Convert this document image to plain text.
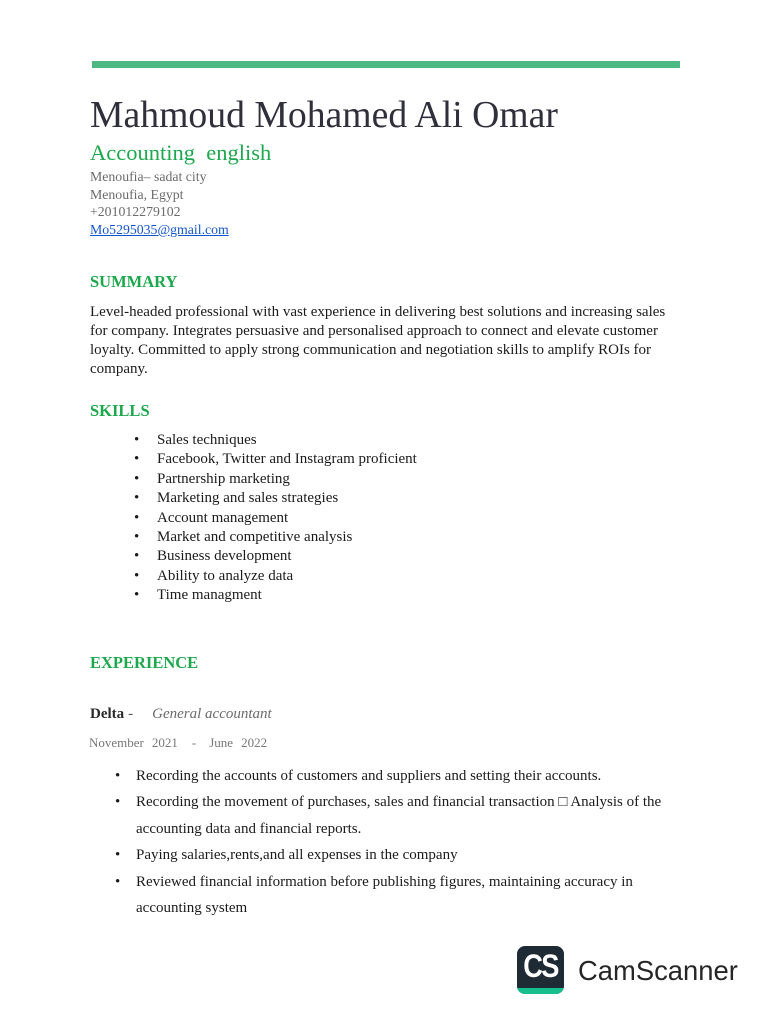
Mahmoud Mohamed Ali Omar
Accounting  english
Menoufia– sadat city
Menoufia, Egypt
+201012279102
Mo5295035@gmail.com
SUMMARY

Level-headed professional with vast experience in delivering best solutions and increasing sales for company. Integrates persuasive and personalised approach to connect and elevate customer loyalty. Committed to apply strong communication and negotiation skills to amplify ROIs for company.

SKILLS
• Sales techniques
• Facebook, Twitter and Instagram proficient
• Partnership marketing
• Marketing and sales strategies
• Account management
• Market and competitive analysis
• Business development
• Ability to analyze data
• Time managment
EXPERIENCE
Delta - General accountant
November 2021 - June 2022
• Recording the accounts of customers and suppliers and setting their accounts.
• Recording the movement of purchases, sales and financial transaction □ Analysis of the accounting data and financial reports.
• Paying salaries,rents,and all expenses in the company
• Reviewed financial information before publishing figures, maintaining accuracy in accounting system
CS CamScanner
